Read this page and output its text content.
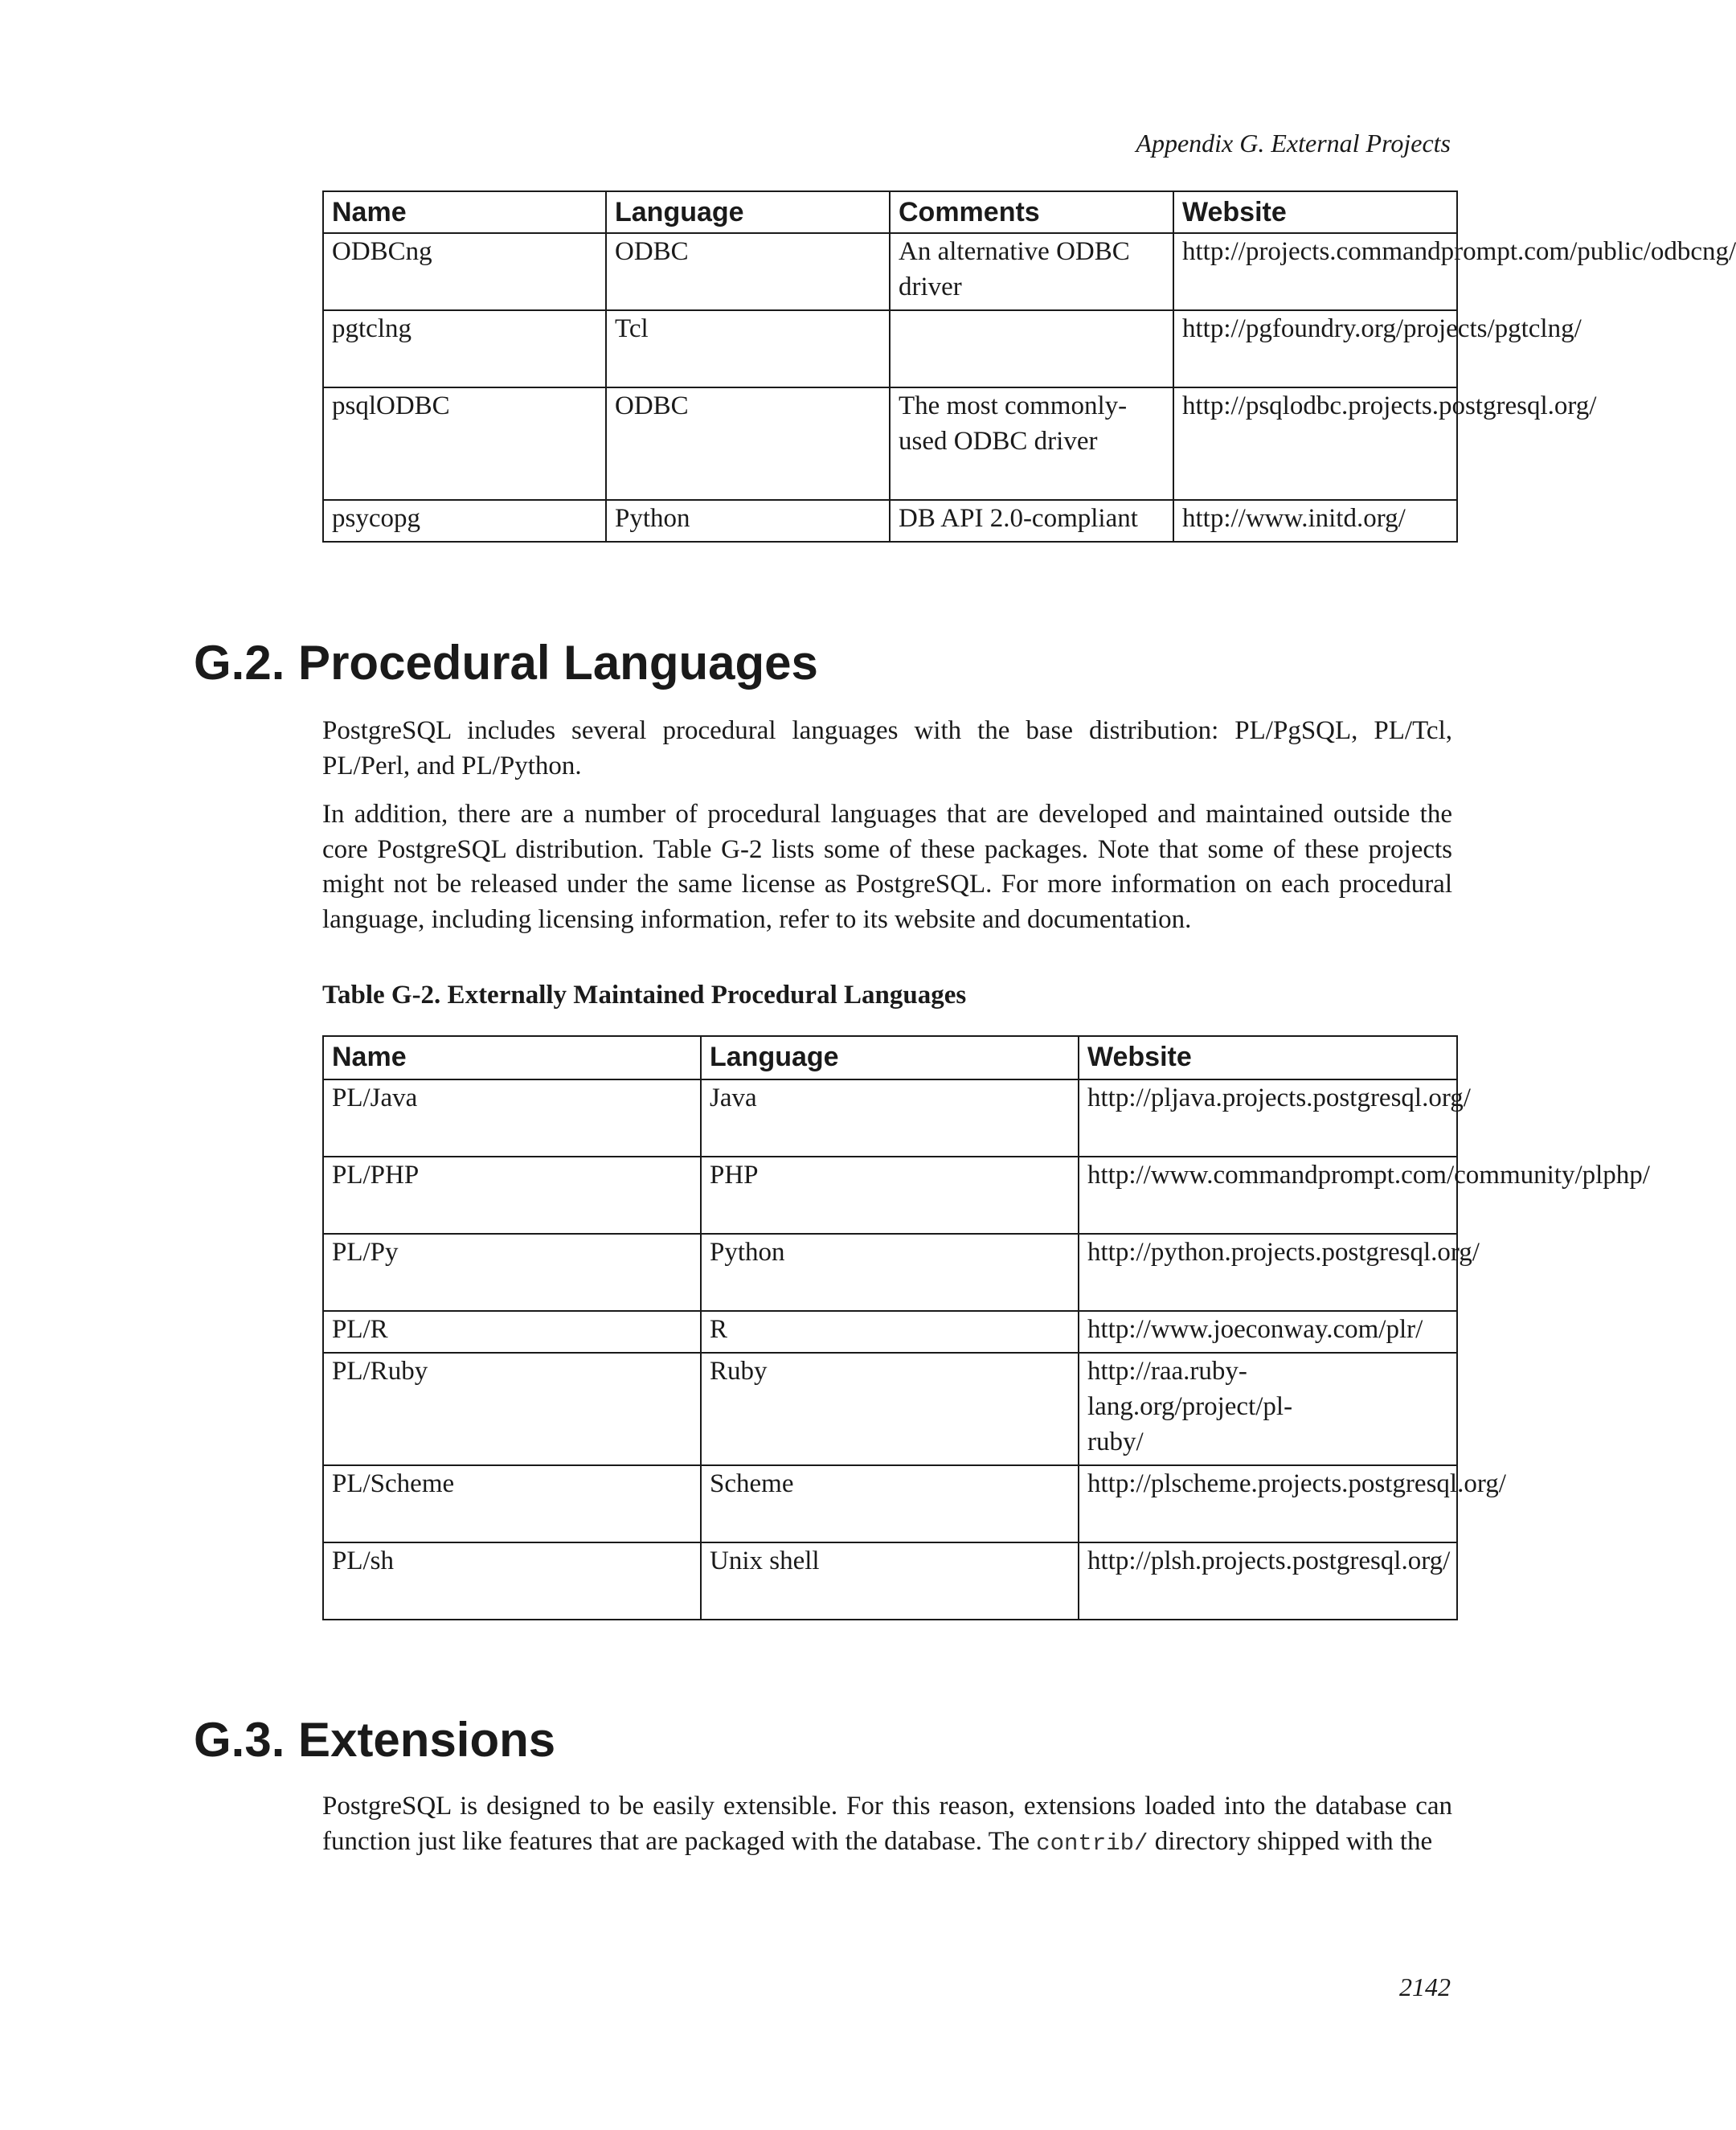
Appendix G. External Projects
Name	Language	Comments	Website
ODBCng	ODBC	An alternative ODBC driver	http://projects.commandprompt.com/public/odbcng/
pgtclng	Tcl		http://pgfoundry.org/projects/pgtclng/
psqlODBC	ODBC	The most commonly-used ODBC driver	http://psqlodbc.projects.postgresql.org/
psycopg	Python	DB API 2.0-compliant	http://www.initd.org/
G.2. Procedural Languages

PostgreSQL includes several procedural languages with the base distribution: PL/PgSQL, PL/Tcl, PL/Perl, and PL/Python.

In addition, there are a number of procedural languages that are developed and maintained outside the core PostgreSQL distribution. Table G-2 lists some of these packages. Note that some of these projects might not be released under the same license as PostgreSQL. For more information on each procedural language, including licensing information, refer to its website and documentation.

Table G-2. Externally Maintained Procedural Languages
Name	Language	Website
PL/Java	Java	http://pljava.projects.postgresql.org/
PL/PHP	PHP	http://www.commandprompt.com/community/plphp/
PL/Py	Python	http://python.projects.postgresql.org/
PL/R	R	http://www.joeconway.com/plr/
PL/Ruby	Ruby	http://raa.ruby-lang.org/project/pl-ruby/

PL/Scheme	Scheme	http://plscheme.projects.postgresql.org/
PL/sh	Unix shell	http://plsh.projects.postgresql.org/
G.3. Extensions

PostgreSQL is designed to be easily extensible. For this reason, extensions loaded into the database can function just like features that are packaged with the database. The contrib/ directory shipped with the

2142
